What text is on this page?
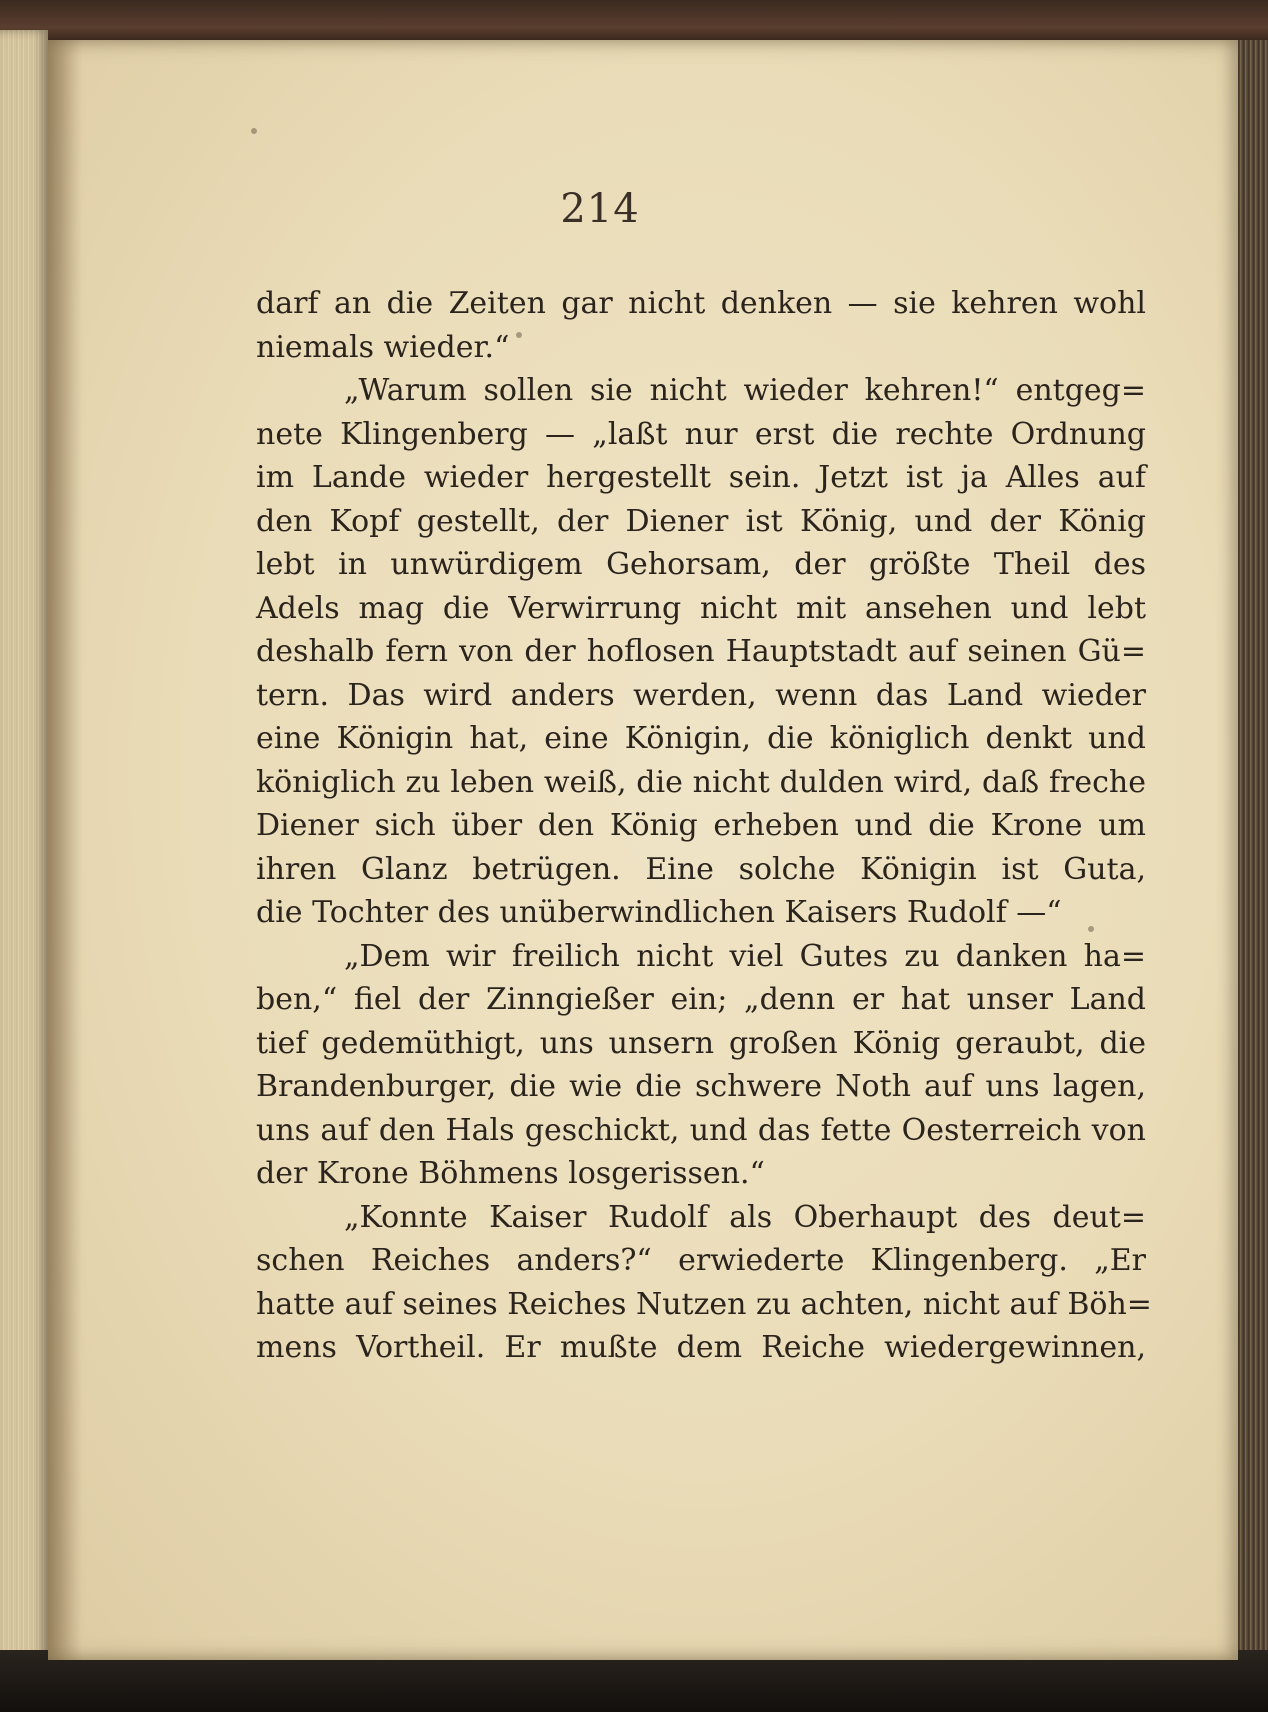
214
darf an die Zeiten gar nicht denken — sie kehren wohl
niemals wieder.“
„Warum sollen sie nicht wieder kehren!“ entgeg=
nete Klingenberg — „laßt nur erst die rechte Ordnung
im Lande wieder hergestellt sein. Jetzt ist ja Alles auf
den Kopf gestellt, der Diener ist König, und der König
lebt in unwürdigem Gehorsam, der größte Theil des
Adels mag die Verwirrung nicht mit ansehen und lebt
deshalb fern von der hoflosen Hauptstadt auf seinen Gü=
tern. Das wird anders werden, wenn das Land wieder
eine Königin hat, eine Königin, die königlich denkt und
königlich zu leben weiß, die nicht dulden wird, daß freche
Diener sich über den König erheben und die Krone um
ihren Glanz betrügen. Eine solche Königin ist Guta,
die Tochter des unüberwindlichen Kaisers Rudolf —“
„Dem wir freilich nicht viel Gutes zu danken ha=
ben,“ fiel der Zinngießer ein; „denn er hat unser Land
tief gedemüthigt, uns unsern großen König geraubt, die
Brandenburger, die wie die schwere Noth auf uns lagen,
uns auf den Hals geschickt, und das fette Oesterreich von
der Krone Böhmens losgerissen.“
„Konnte Kaiser Rudolf als Oberhaupt des deut=
schen Reiches anders?“ erwiederte Klingenberg. „Er
hatte auf seines Reiches Nutzen zu achten, nicht auf Böh=
mens Vortheil. Er mußte dem Reiche wiedergewinnen,
